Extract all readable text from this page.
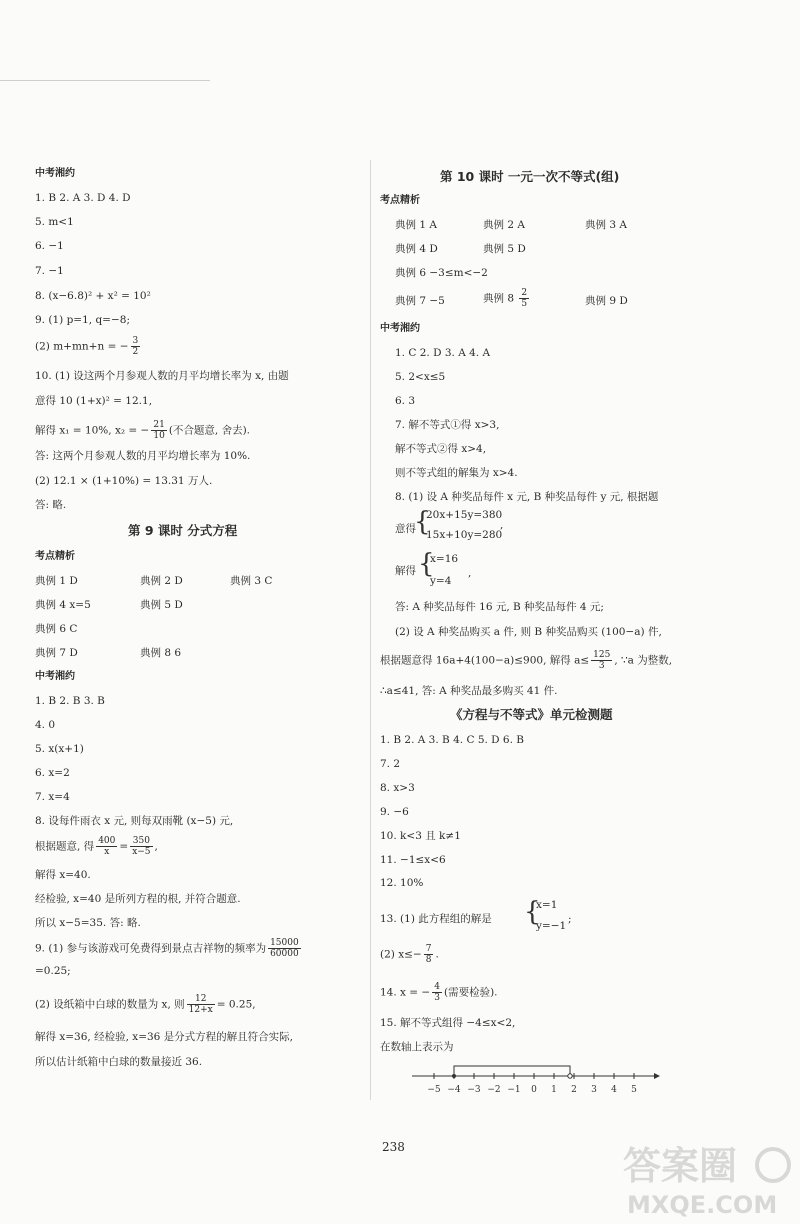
中考湘约
1. B 2. A 3. D 4. D
5. m<1
6. −1
7. −1
8. (x−6.8)² + x² = 10²
9. (1) p=1, q=−8;
(2) m+mn+n = − $\frac{3}{2}$
10. (1) 设这两个月参观人数的月平均增长率为 x, 由题
意得 10 (1+x)² = 12.1,
解得 x₁ = 10%, x₂ = − $\frac{21}{10}$ (不合题意, 舍去).
答: 这两个月参观人数的月平均增长率为 10%.
(2) 12.1 × (1+10%) = 13.31 万人.
答: 略.
第 9 课时 分式方程
考点精析
典例 1 D	典例 2 D	典例 3 C
典例 4 x=5	典例 5 D
典例 6 C
典例 7 D	典例 8 6
中考湘约
1. B 2. B 3. B
4. 0
5. x(x+1)
6. x=2
7. x=4
8. 设每件雨衣 x 元, 则每双雨靴 (x−5) 元,
根据题意, 得 $\frac{400}{x} = \frac{350}{x-5}$ ,
解得 x=40.
经检验, x=40 是所列方程的根, 并符合题意.
所以 x−5=35. 答: 略.
9. (1) 参与该游戏可免费得到景点吉祥物的频率为 $\frac{15000}{60000}$
=0.25;
(2) 设纸箱中白球的数量为 x, 则 $\frac{12}{12+x} = 0.25$,
解得 x=36, 经检验, x=36 是分式方程的解且符合实际,
所以估计纸箱中白球的数量接近 36.
第 10 课时 一元一次不等式(组)
考点精析
典例 1 A	典例 2 A	典例 3 A
典例 4 D	典例 5 D
典例 6 −3≤m<−2
典例 7 −5	典例 $8 \frac{2}{5}$	典例 9 D
中考湘约
1. C 2. D 3. A 4. A
5. 2<x≤5
6. 3
7. 解不等式①得 x>3,
解不等式②得 x>4,
则不等式组的解集为 x>4.
8. (1) 设 A 种奖品每件 x 元, B 种奖品每件 y 元, 根据题
意得
{
20x+15y=380
15x+10y=280
,
解得 {
x=16
y=4
,
答: A 种奖品每件 16 元, B 种奖品每件 4 元;
(2) 设 A 种奖品购买 a 件, 则 B 种奖品购买 (100−a) 件,
根据题意得 16a+4(100−a)≤900, 解得 $a\le \frac{125}{3}$ , ∵a 为整数,
∴a≤41, 答: A 种奖品最多购买 41 件.
《方程与不等式》单元检测题
1. B 2. A 3. B 4. C 5. D 6. B
7. 2
8. x>3
9. −6
10. k<3 且 k≠1
11. −1≤x<6
12. 10%
13. (1) 此方程组的解是 {
x=1
y=−1
;
(2) $x\le- \frac{7}{8}$ .
14. x = − $\frac{4}{3}$ (需要检验).
15. 解不等式组得 −4≤x<2,
在数轴上表示为
−5 −4 −3 −2 −1 0 1 2 3 4 5
238	答案圈
MXQE.COM
